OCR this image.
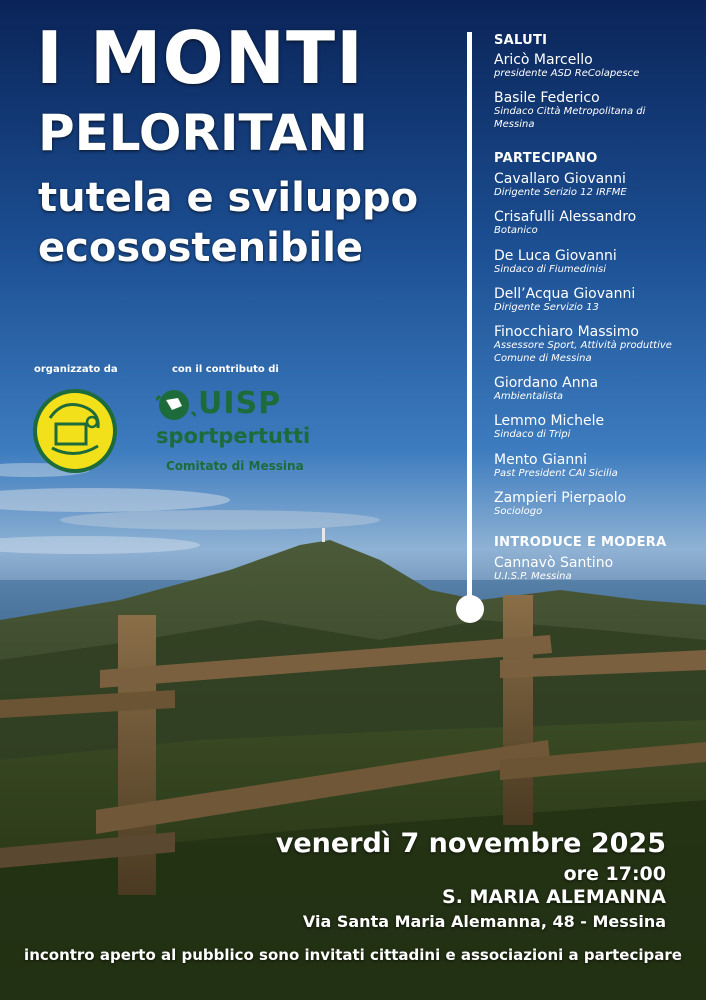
I MONTI
PELORITANI
tutela e sviluppo
ecosostenibile
organizzato da	con il contributo di
UISP
sportpertutti
Comitato di Messina
SALUTI
Aricò Marcello
presidente ASD ReColapesce
Basile Federico
Sindaco Città Metropolitana di Messina
PARTECIPANO
Cavallaro Giovanni
Dirigente Serizio 12 IRFME
Crisafulli Alessandro
Botanico
De Luca Giovanni
Sindaco di Fiumedinisi
Dell’Acqua Giovanni
Dirigente Servizio 13
Finocchiaro Massimo
Assessore Sport, Attività produttive Comune di Messina
Giordano Anna
Ambientalista
Lemmo Michele
Sindaco di Tripi
Mento Gianni
Past President CAI Sicilia
Zampieri Pierpaolo
Sociologo
INTRODUCE E MODERA
Cannavò Santino
U.I.S.P. Messina
venerdì 7 novembre 2025
ore 17:00
S. MARIA ALEMANNA
Via Santa Maria Alemanna, 48 - Messina
incontro aperto al pubblico sono invitati cittadini e associazioni a partecipare
